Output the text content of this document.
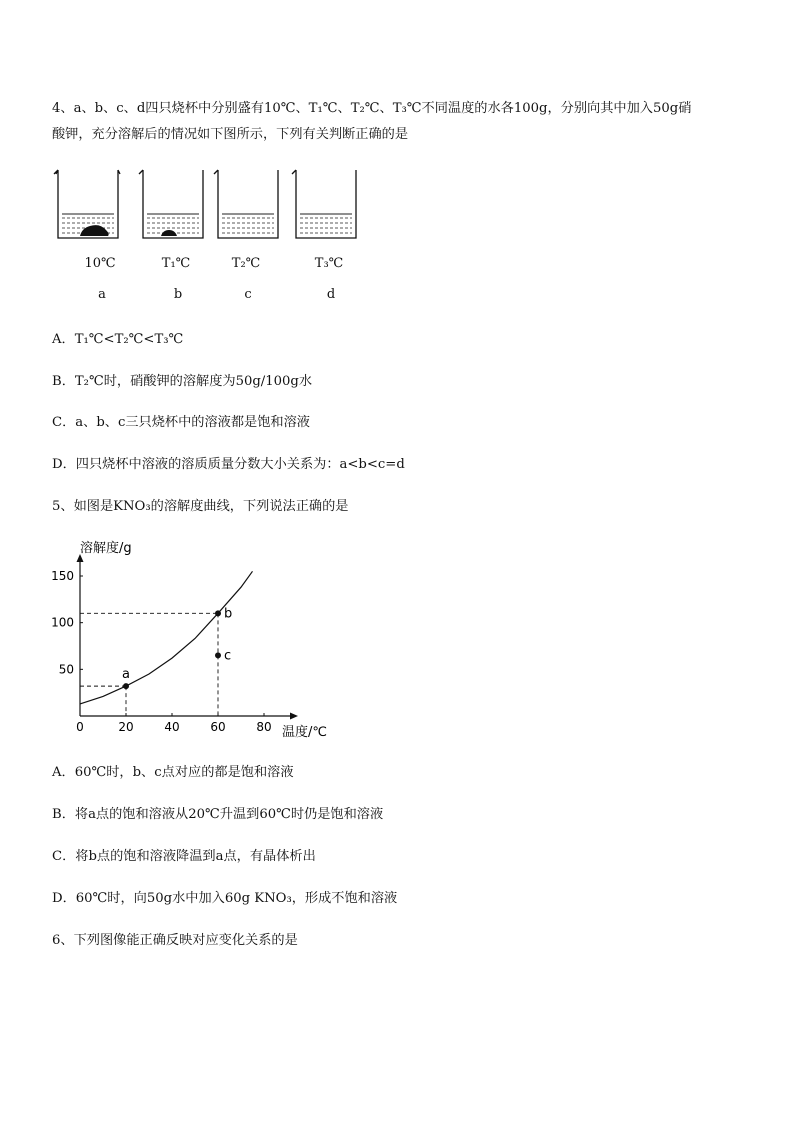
4、a、b、c、d四只烧杯中分别盛有10℃、T₁℃、T₂℃、T₃℃不同温度的水各100g，分别向其中加入50g硝
酸钾，充分溶解后的情况如下图所示，下列有关判断正确的是
10℃	T₁℃	T₂℃	T₃℃
a	b	c	d
A．T₁℃<T₂℃<T₃℃
B．T₂℃时，硝酸钾的溶解度为50g/100g水
C．a、b、c三只烧杯中的溶液都是饱和溶液
D．四只烧杯中溶液的溶质质量分数大小关系为：a<b<c=d
5、如图是KNO₃的溶解度曲线，下列说法正确的是
溶解度/g
温度/℃
0	20	40	60	80
50
100
150
a
b
c
A．60℃时，b、c点对应的都是饱和溶液
B．将a点的饱和溶液从20℃升温到60℃时仍是饱和溶液
C．将b点的饱和溶液降温到a点，有晶体析出
D．60℃时，向50g水中加入60g KNO₃，形成不饱和溶液
6、下列图像能正确反映对应变化关系的是
